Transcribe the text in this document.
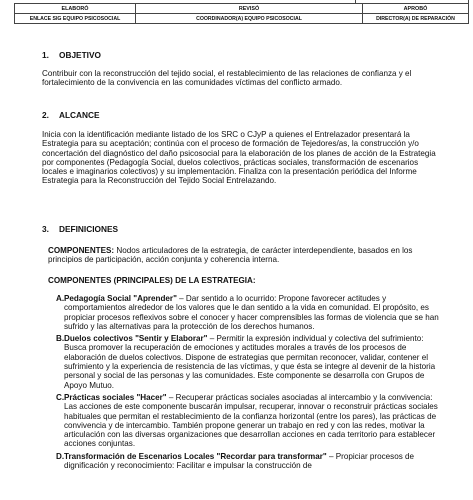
ELABORÓ	REVISÓ	APROBÓ
ENLACE SIG EQUIPO PSICOSOCIAL	COORDINADOR(A) EQUIPO PSICOSOCIAL	DIRECTOR(A) DE REPARACIÓN
1. OBJETIVO

Contribuir con la reconstrucción del tejido social, el restablecimiento de las relaciones de confianza y el fortalecimiento de la convivencia en las comunidades víctimas del conflicto armado.

2. ALCANCE

Inicia con la identificación mediante listado de los SRC o CJyP a quienes el Entrelazador presentará la Estrategia para su aceptación; continúa con el proceso de formación de Tejedores/as, la construcción y/o concertación del diagnóstico del daño psicosocial para la elaboración de los planes de acción de la Estrategia por componentes (Pedagogía Social, duelos colectivos, prácticas sociales, transformación de escenarios locales e imaginarios colectivos) y su implementación. Finaliza con la presentación periódica del Informe Estrategia para la Reconstrucción del Tejido Social Entrelazando.

3. DEFINICIONES

COMPONENTES: Nodos articuladores de la estrategia, de carácter interdependiente, basados en los principios de participación, acción conjunta y coherencia interna.

COMPONENTES (PRINCIPALES) DE LA ESTRATEGIA:
A. Pedagogía Social "Aprender" – Dar sentido a lo ocurrido: Propone favorecer actitudes y comportamientos alrededor de los valores que le dan sentido a la vida en comunidad. El propósito, es propiciar procesos reflexivos sobre el conocer y hacer comprensibles las formas de violencia que se han sufrido y las alternativas para la protección de los derechos humanos.
B. Duelos colectivos "Sentir y Elaborar" – Permitir la expresión individual y colectiva del sufrimiento: Busca promover la recuperación de emociones y actitudes morales a través de los procesos de elaboración de duelos colectivos. Dispone de estrategias que permitan reconocer, validar, contener el sufrimiento y la experiencia de resistencia de las víctimas, y que ésta se integre al devenir de la historia personal y social de las personas y las comunidades. Este componente se desarrolla con Grupos de Apoyo Mutuo.
C. Prácticas sociales "Hacer" – Recuperar prácticas sociales asociadas al intercambio y la convivencia: Las acciones de este componente buscarán impulsar, recuperar, innovar o reconstruir prácticas sociales habituales que permitan el restablecimiento de la confianza horizontal (entre los pares), las prácticas de convivencia y de intercambio. También propone generar un trabajo en red y con las redes, motivar la articulación con las diversas organizaciones que desarrollan acciones en cada territorio para establecer acciones conjuntas.
D. Transformación de Escenarios Locales "Recordar para transformar" – Propiciar procesos de dignificación y reconocimiento: Facilitar e impulsar la construcción de
